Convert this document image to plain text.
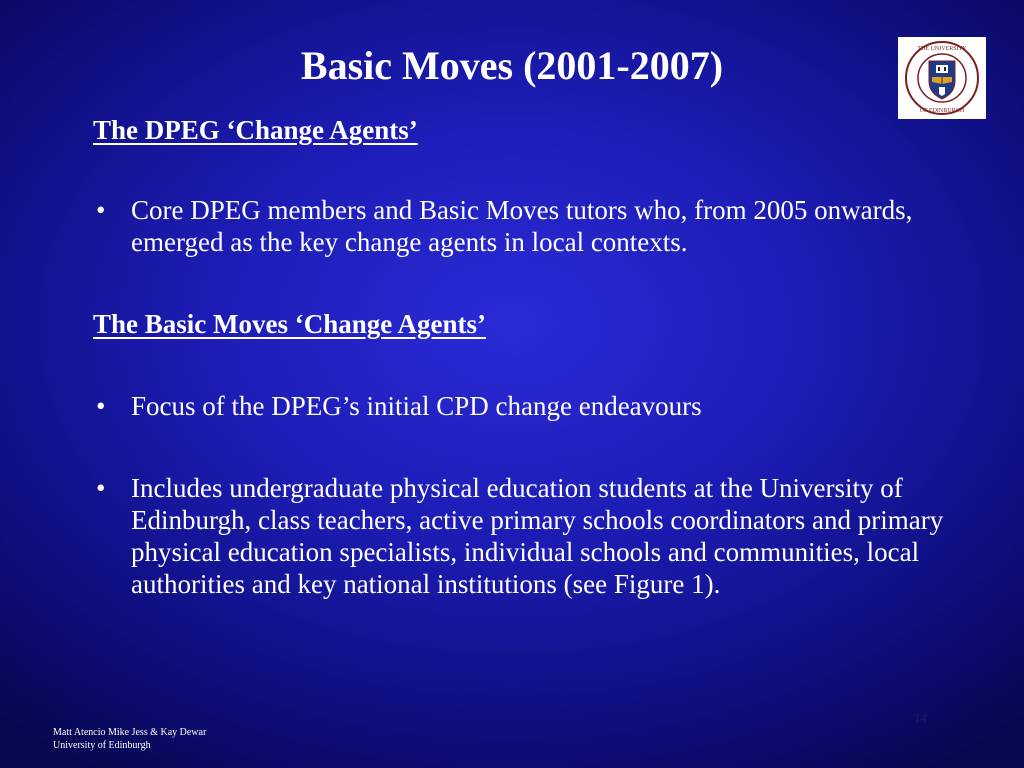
Basic Moves (2001-2007)	THE UNIVERSITY
OF EDINBURGH

The DPEG ‘Change Agents’

• Core DPEG members and Basic Moves tutors who, from 2005 onwards, emerged as the key change agents in local contexts.

The Basic Moves ‘Change Agents’

• Focus of the DPEG’s initial CPD change endeavours

• Includes undergraduate physical education students at the University of Edinburgh, class teachers, active primary schools coordinators and primary physical education specialists, individual schools and communities, local authorities and key national institutions (see Figure 1).

Matt Atencio Mike Jess & Kay Dewar
University of Edinburgh
14
